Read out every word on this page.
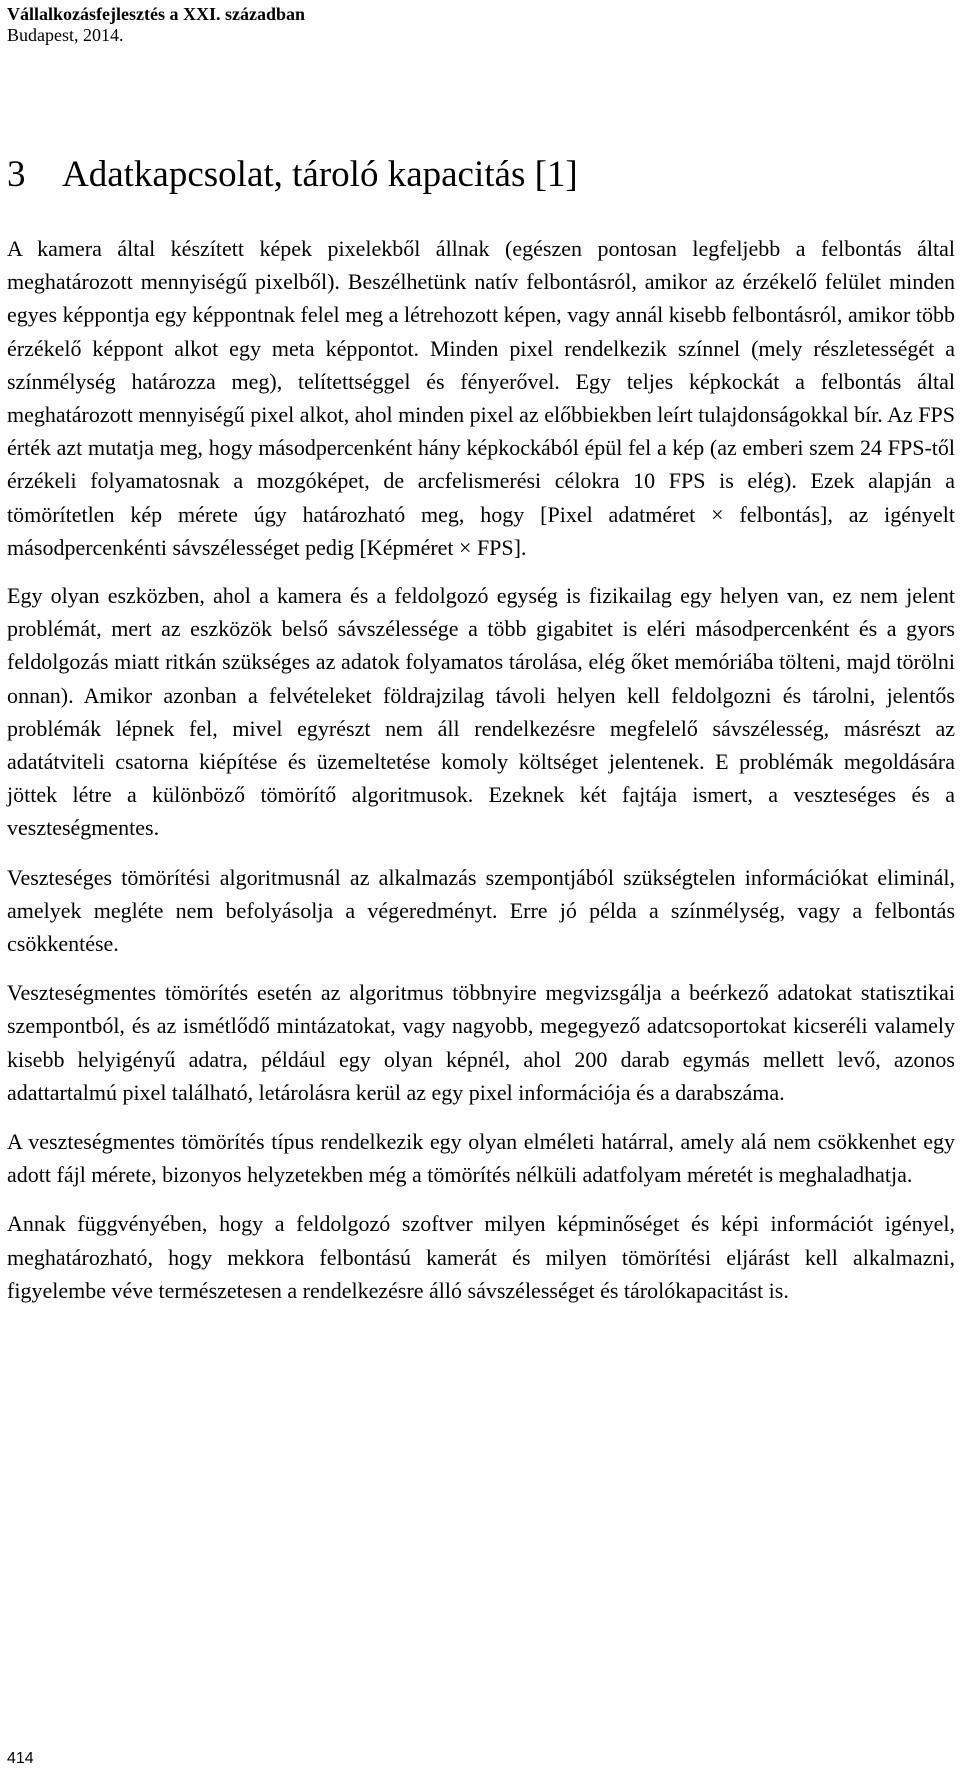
Vállalkozásfejlesztés a XXI. században
Budapest, 2014.
3 Adatkapcsolat, tároló kapacitás [1]

A kamera által készített képek pixelekből állnak (egészen pontosan legfeljebb a felbontás által meghatározott mennyiségű pixelből). Beszélhetünk natív felbontásról, amikor az érzékelő felület minden egyes képpontja egy képpontnak felel meg a létrehozott képen, vagy annál kisebb felbontásról, amikor több érzékelő képpont alkot egy meta képpontot. Minden pixel rendelkezik színnel (mely részletességét a színmélység határozza meg), telítettséggel és fényerővel. Egy teljes képkockát a felbontás által meghatározott mennyiségű pixel alkot, ahol minden pixel az előbbiekben leírt tulajdonságokkal bír. Az FPS érték azt mutatja meg, hogy másodpercenként hány képkockából épül fel a kép (az emberi szem 24 FPS-től érzékeli folyamatosnak a mozgóképet, de arcfelismerési célokra 10 FPS is elég). Ezek alapján a tömörítetlen kép mérete úgy határozható meg, hogy [Pixel adatméret × felbontás], az igényelt másodpercenkénti sávszélességet pedig [Képméret × FPS].

Egy olyan eszközben, ahol a kamera és a feldolgozó egység is fizikailag egy helyen van, ez nem jelent problémát, mert az eszközök belső sávszélessége a több gigabitet is eléri másodpercenként és a gyors feldolgozás miatt ritkán szükséges az adatok folyamatos tárolása, elég őket memóriába tölteni, majd törölni onnan). Amikor azonban a felvételeket földrajzilag távoli helyen kell feldolgozni és tárolni, jelentős problémák lépnek fel, mivel egyrészt nem áll rendelkezésre megfelelő sávszélesség, másrészt az adatátviteli csatorna kiépítése és üzemeltetése komoly költséget jelentenek. E problémák megoldására jöttek létre a különböző tömörítő algoritmusok. Ezeknek két fajtája ismert, a veszteséges és a veszteségmentes.

Veszteséges tömörítési algoritmusnál az alkalmazás szempontjából szükségtelen információkat eliminál, amelyek megléte nem befolyásolja a végeredményt. Erre jó példa a színmélység, vagy a felbontás csökkentése.

Veszteségmentes tömörítés esetén az algoritmus többnyire megvizsgálja a beérkező adatokat statisztikai szempontból, és az ismétlődő mintázatokat, vagy nagyobb, megegyező adatcsoportokat kicseréli valamely kisebb helyigényű adatra, például egy olyan képnél, ahol 200 darab egymás mellett levő, azonos adattartalmú pixel található, letárolásra kerül az egy pixel információja és a darabszáma.

A veszteségmentes tömörítés típus rendelkezik egy olyan elméleti határral, amely alá nem csökkenhet egy adott fájl mérete, bizonyos helyzetekben még a tömörítés nélküli adatfolyam méretét is meghaladhatja.

Annak függvényében, hogy a feldolgozó szoftver milyen képminőséget és képi információt igényel, meghatározható, hogy mekkora felbontású kamerát és milyen tömörítési eljárást kell alkalmazni, figyelembe véve természetesen a rendelkezésre álló sávszélességet és tárolókapacitást is.

414
